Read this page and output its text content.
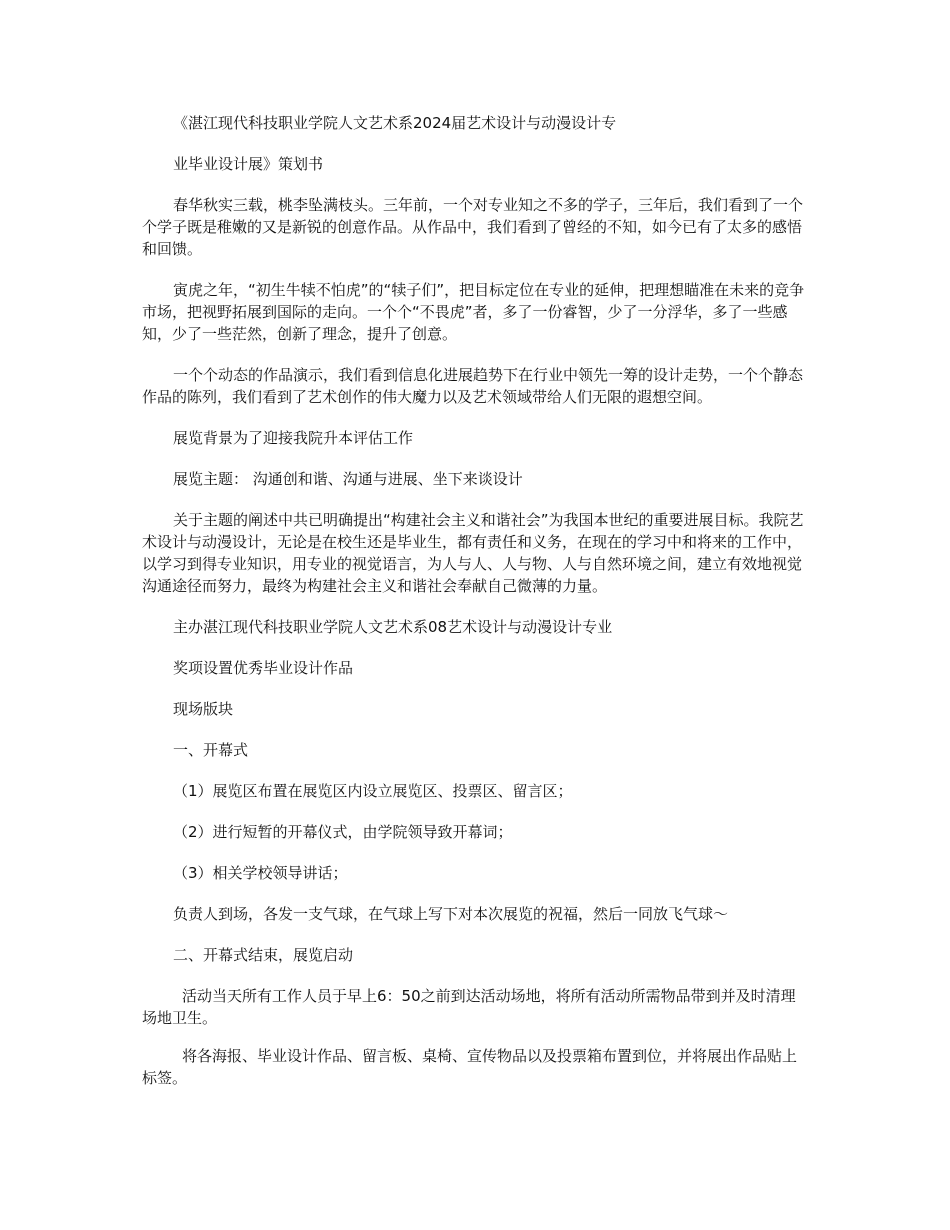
《湛江现代科技职业学院人文艺术系2024届艺术设计与动漫设计专

业毕业设计展》策划书

春华秋实三载，桃李坠满枝头。三年前，一个对专业知之不多的学子，三年后，我们看到了一个个学子既是稚嫩的又是新锐的创意作品。从作品中，我们看到了曾经的不知，如今已有了太多的感悟和回馈。

寅虎之年，“初生牛犊不怕虎”的“犊子们”，把目标定位在专业的延伸，把理想瞄准在未来的竞争市场，把视野拓展到国际的走向。一个个“不畏虎”者，多了一份睿智，少了一分浮华，多了一些感知，少了一些茫然，创新了理念，提升了创意。

一个个动态的作品演示，我们看到信息化进展趋势下在行业中领先一筹的设计走势，一个个静态作品的陈列，我们看到了艺术创作的伟大魔力以及艺术领域带给人们无限的遐想空间。

展览背景为了迎接我院升本评估工作

展览主题： 沟通创和谐、沟通与进展、坐下来谈设计

关于主题的阐述中共已明确提出“构建社会主义和谐社会”为我国本世纪的重要进展目标。我院艺术设计与动漫设计，无论是在校生还是毕业生，都有责任和义务，在现在的学习中和将来的工作中，以学习到得专业知识，用专业的视觉语言，为人与人、人与物、人与自然环境之间，建立有效地视觉沟通途径而努力，最终为构建社会主义和谐社会奉献自己微薄的力量。

主办湛江现代科技职业学院人文艺术系08艺术设计与动漫设计专业

奖项设置优秀毕业设计作品

现场版块

一、开幕式

（1）展览区布置在展览区内设立展览区、投票区、留言区；

（2）进行短暂的开幕仪式，由学院领导致开幕词；

（3）相关学校领导讲话；

负责人到场，各发一支气球，在气球上写下对本次展览的祝福，然后一同放飞气球～

二、开幕式结束，展览启动

活动当天所有工作人员于早上6：50之前到达活动场地，将所有活动所需物品带到并及时清理场地卫生。

将各海报、毕业设计作品、留言板、桌椅、宣传物品以及投票箱布置到位，并将展出作品贴上标签。
